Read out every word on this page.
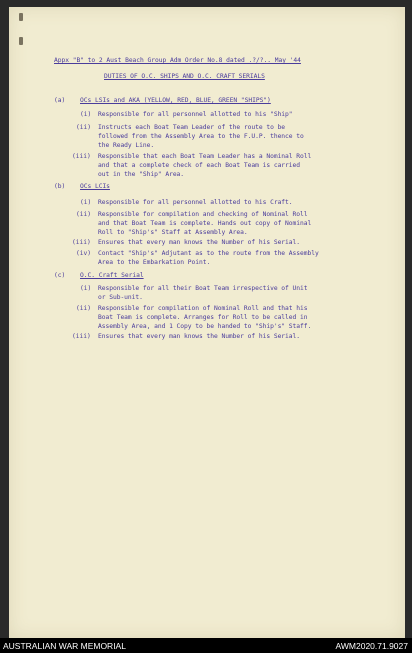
Appx "B" to 2 Aust Beach Group Adm Order No.8 dated .?/?.. May '44
DUTIES OF O.C. SHIPS AND O.C. CRAFT SERIALS
(a) OCs LSIs and AKA (YELLOW, RED, BLUE, GREEN "SHIPS")
(i) Responsible for all personnel allotted to his "Ship"
(ii) Instructs each Boat Team Leader of the route to be
followed from the Assembly Area to the F.U.P. thence to
the Ready Line.
(iii) Responsible that each Boat Team Leader has a Nominal Roll
and that a complete check of each Boat Team is carried
out in the "Ship" Area.
(b) OCs LCIs
(i) Responsible for all personnel allotted to his Craft.
(ii) Responsible for compilation and checking of Nominal Roll
and that Boat Team is complete. Hands out copy of Nominal
Roll to "Ship's" Staff at Assembly Area.
(iii) Ensures that every man knows the Number of his Serial.
(iv) Contact "Ship's" Adjutant as to the route from the Assembly
Area to the Embarkation Point.
(c) O.C. Craft Serial
(i) Responsible for all their Boat Team irrespective of Unit
or Sub-unit.
(ii) Responsible for compilation of Nominal Roll and that his
Boat Team is complete. Arranges for Roll to be called in
Assembly Area, and 1 Copy to be handed to "Ship's" Staff.
(iii) Ensures that every man knows the Number of his Serial.
AUSTRALIAN WAR MEMORIAL	AWM2020.71.9027
